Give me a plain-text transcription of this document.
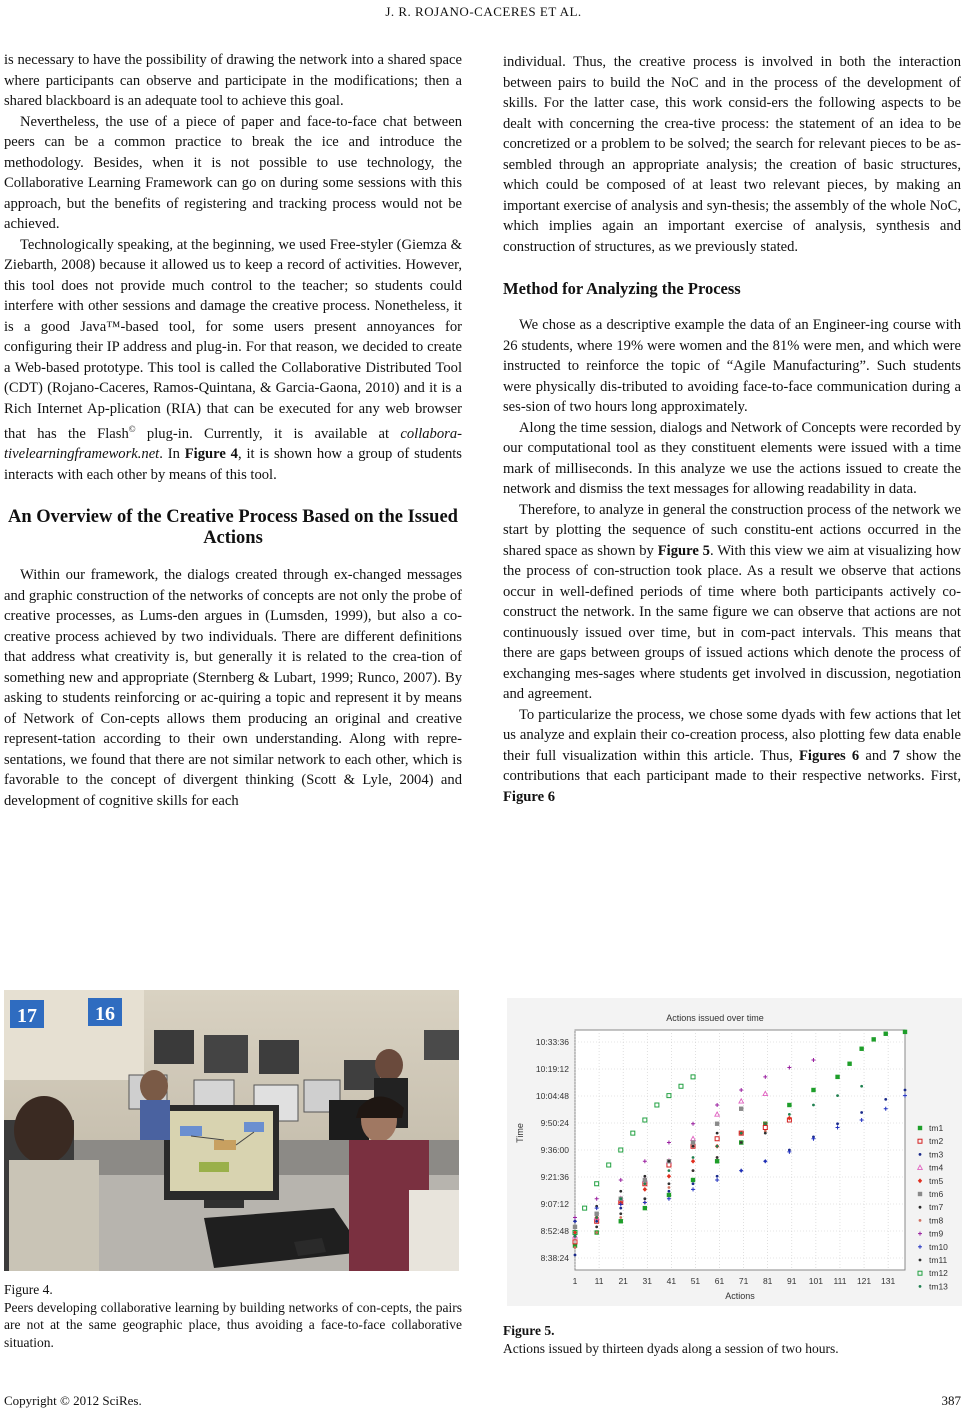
J. R. ROJANO-CACERES ET AL.

is necessary to have the possibility of drawing the network into a shared space where participants can observe and participate in the modifications; then a shared blackboard is an adequate tool to achieve this goal.

Nevertheless, the use of a piece of paper and face-to-face chat between peers can be a common practice to break the ice and introduce the methodology. Besides, when it is not possible to use technology, the Collaborative Learning Framework can go on during some sessions with this approach, but the benefits of registering and tracking process would not be achieved.

Technologically speaking, at the beginning, we used Free-styler (Giemza & Ziebarth, 2008) because it allowed us to keep a record of activities. However, this tool does not provide much control to the teacher; so students could interfere with other sessions and damage the creative process. Nonetheless, it is a good Java™-based tool, for some users present annoyances for configuring their IP address and plug-in. For that reason, we decided to create a Web-based prototype. This tool is called the Collaborative Distributed Tool (CDT) (Rojano-Caceres, Ramos-Quintana, & Garcia-Gaona, 2010) and it is a Rich Internet Ap-plication (RIA) that can be executed for any web browser that has the Flash© plug-in. Currently, it is available at collabora-tivelearningframework.net. In Figure 4, it is shown how a group of students interacts with each other by means of this tool.

An Overview of the Creative Process Based on the Issued Actions

Within our framework, the dialogs created through ex-changed messages and graphic construction of the networks of concepts are not only the probe of creative processes, as Lums-den argues in (Lumsden, 1999), but also a co-creative process achieved by two individuals. There are different definitions that address what creativity is, but generally it is related to the crea-tion of something new and appropriate (Sternberg & Lubart, 1999; Runco, 2007). By asking to students reinforcing or ac-quiring a topic and represent it by means of Network of Con-cepts allows them producing an original and creative represent-tation according to their own understanding. Along with repre-sentations, we found that there are not similar network to each other, which is favorable to the concept of divergent thinking (Scott & Lyle, 2004) and development of cognitive skills for each

individual. Thus, the creative process is involved in both the interaction between pairs to build the NoC and in the process of the development of skills. For the latter case, this work consid-ers the following aspects to be dealt with concerning the crea-tive process: the statement of an idea to be concretized or a problem to be solved; the search for relevant pieces to be as-sembled through an appropriate analysis; the creation of basic structures, which could be composed of at least two relevant pieces, by making an important exercise of analysis and syn-thesis; the assembly of the whole NoC, which implies again an important exercise of analysis, synthesis and construction of structures, as we previously stated.

Method for Analyzing the Process

We chose as a descriptive example the data of an Engineer-ing course with 26 students, where 19% were women and the 81% were men, and which were instructed to reinforce the topic of “Agile Manufacturing”. Such students were physically dis-tributed to avoiding face-to-face communication during a ses-sion of two hours long approximately.

Along the time session, dialogs and Network of Concepts were recorded by our computational tool as they constituent elements were issued with a time mark of milliseconds. In this analyze we use the actions issued to create the network and dismiss the text messages for allowing readability in data.

Therefore, to analyze in general the construction process of the network we start by plotting the sequence of such constitu-ent actions occurred in the shared space as shown by Figure 5. With this view we aim at visualizing how the process of con-struction took place. As a result we observe that actions occur in well-defined periods of time where both participants actively co-construct the network. In the same figure we can observe that actions are not continuously issued over time, but in com-pact intervals. This means that there are gaps between groups of issued actions which denote the process of exchanging mes-sages where students get involved in discussion, negotiation and agreement.

To particularize the process, we chose some dyads with few actions that let us analyze and explain their co-creation process, also plotting few data enable their full visualization within this article. Thus, Figures 6 and 7 show the contributions that each participant made to their respective networks. First, Figure 6

17	16
Figure 4.
Peers developing collaborative learning by building networks of con-cepts, the pairs are not at the same geographic place, thus avoiding a face-to-face collaborative situation.
Actions issued over time
Time
Actions
8:38:24
8:52:48
9:07:12
9:21:36
9:36:00
9:50:24
10:04:48
10:19:12
10:33:36
1 11 21 31 41 51 61 71 81 91 101 111 121 131
tm1
tm2
tm3
tm4
tm5
tm6
tm7
tm8
tm9
tm10
tm11
tm12
tm13
Figure 5.
Actions issued by thirteen dyads along a session of two hours.
Copyright © 2012 SciRes.	387
